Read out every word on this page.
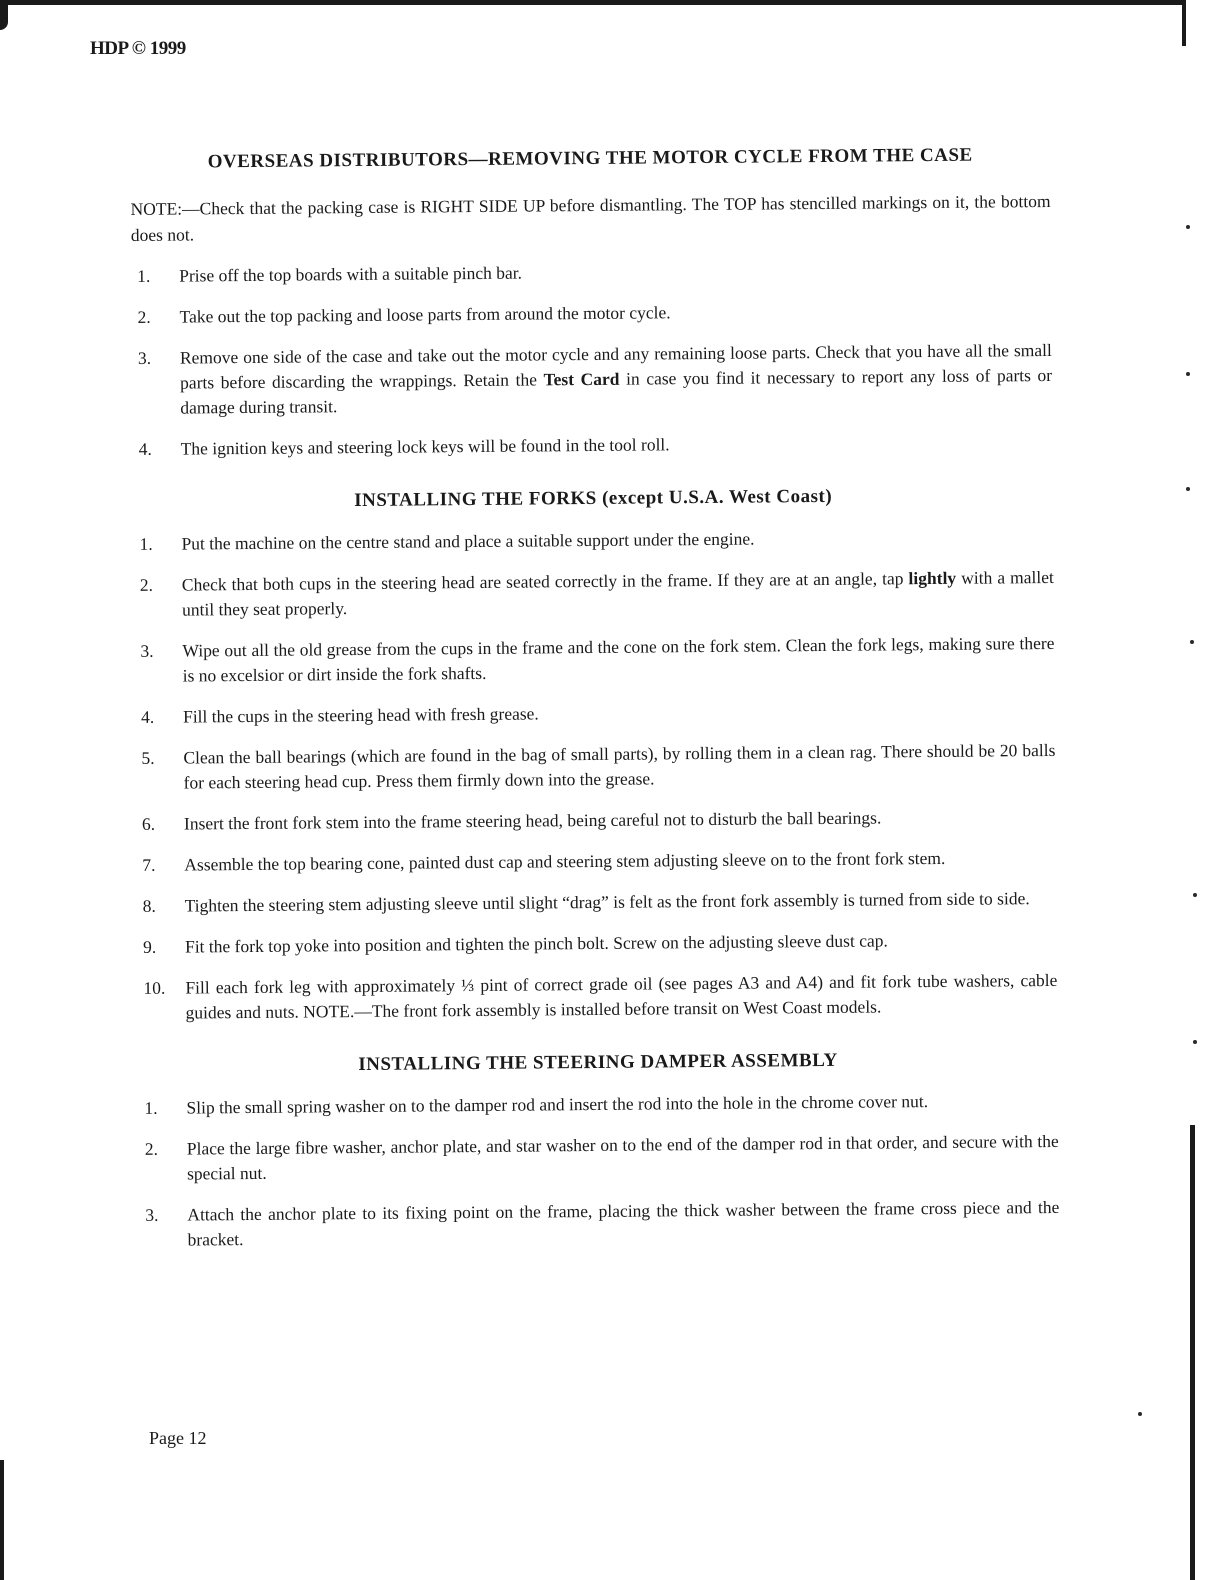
HDP © 1999
OVERSEAS DISTRIBUTORS—REMOVING THE MOTOR CYCLE FROM THE CASE

NOTE:—Check that the packing case is RIGHT SIDE UP before dismantling. The TOP has stencilled markings on it, the bottom does not.

1.	Prise off the top boards with a suitable pinch bar.
2.	Take out the top packing and loose parts from around the motor cycle.
3.	Remove one side of the case and take out the motor cycle and any remaining loose parts. Check that you have all the small parts before discarding the wrappings. Retain the Test Card in case you find it necessary to report any loss of parts or damage during transit.
4.	The ignition keys and steering lock keys will be found in the tool roll.
INSTALLING THE FORKS (except U.S.A. West Coast)
1.	Put the machine on the centre stand and place a suitable support under the engine.
2.	Check that both cups in the steering head are seated correctly in the frame. If they are at an angle, tap lightly with a mallet until they seat properly.
3.	Wipe out all the old grease from the cups in the frame and the cone on the fork stem. Clean the fork legs, making sure there is no excelsior or dirt inside the fork shafts.
4.	Fill the cups in the steering head with fresh grease.
5.	Clean the ball bearings (which are found in the bag of small parts), by rolling them in a clean rag. There should be 20 balls for each steering head cup. Press them firmly down into the grease.
6.	Insert the front fork stem into the frame steering head, being careful not to disturb the ball bearings.
7.	Assemble the top bearing cone, painted dust cap and steering stem adjusting sleeve on to the front fork stem.
8.	Tighten the steering stem adjusting sleeve until slight “drag” is felt as the front fork assembly is turned from side to side.
9.	Fit the fork top yoke into position and tighten the pinch bolt. Screw on the adjusting sleeve dust cap.
10.	Fill each fork leg with approximately ⅓ pint of correct grade oil (see pages A3 and A4) and fit fork tube washers, cable guides and nuts. NOTE.—The front fork assembly is installed before transit on West Coast models.
INSTALLING THE STEERING DAMPER ASSEMBLY
1.	Slip the small spring washer on to the damper rod and insert the rod into the hole in the chrome cover nut.
2.	Place the large fibre washer, anchor plate, and star washer on to the end of the damper rod in that order, and secure with the special nut.
3.	Attach the anchor plate to its fixing point on the frame, placing the thick washer between the frame cross piece and the bracket.
Page 12
